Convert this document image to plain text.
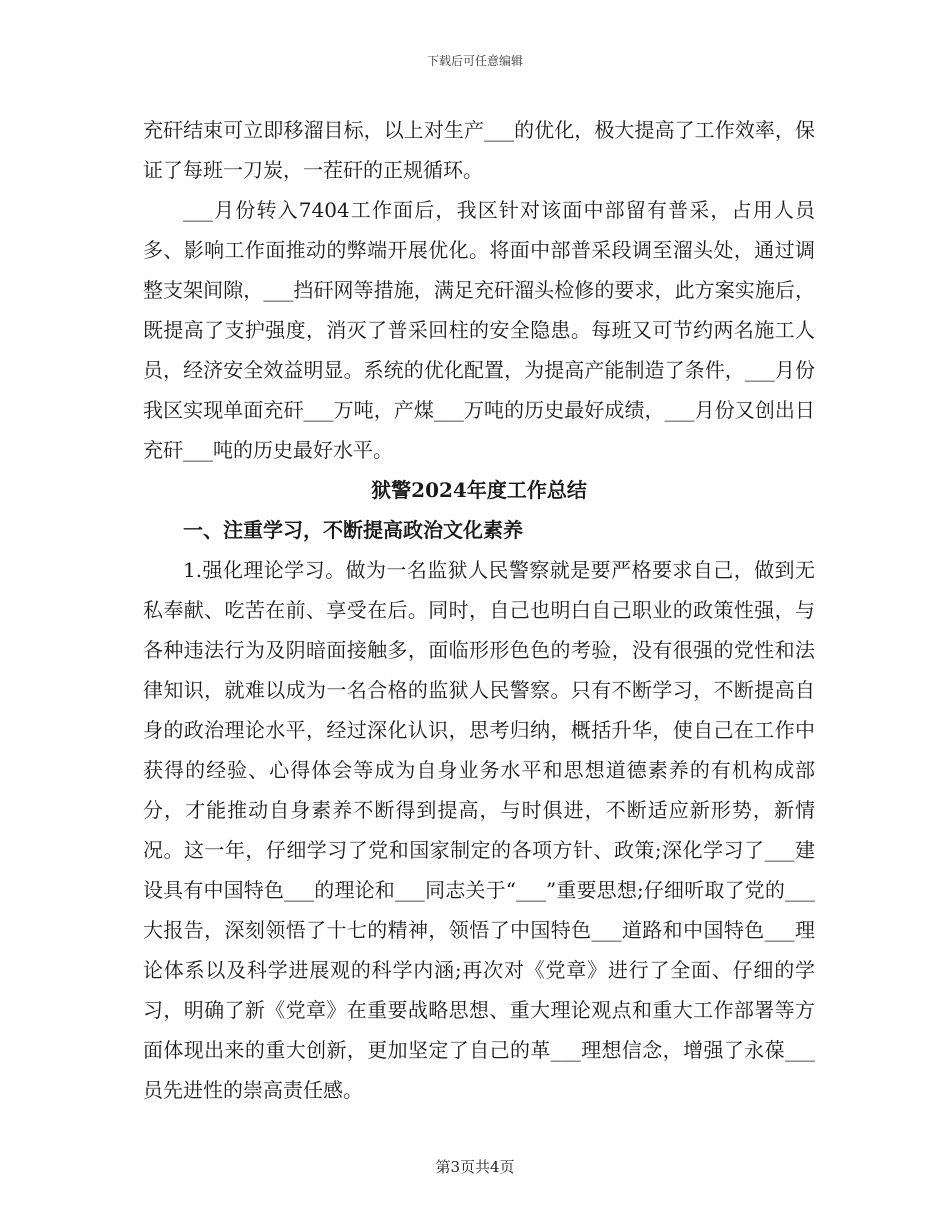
下载后可任意编辑

充矸结束可立即移溜目标，以上对生产___的优化，极大提高了工作效率，保证了每班一刀炭，一茬矸的正规循环。

___月份转入7404工作面后，我区针对该面中部留有普采，占用人员多、影响工作面推动的弊端开展优化。将面中部普采段调至溜头处，通过调整支架间隙，___挡矸网等措施，满足充矸溜头检修的要求，此方案实施后，既提高了支护强度，消灭了普采回柱的安全隐患。每班又可节约两名施工人员，经济安全效益明显。系统的优化配置，为提高产能制造了条件，___月份我区实现单面充矸___万吨，产煤___万吨的历史最好成绩，___月份又创出日充矸___吨的历史最好水平。

狱警2024年度工作总结
一、注重学习，不断提高政治文化素养

1.强化理论学习。做为一名监狱人民警察就是要严格要求自己，做到无私奉献、吃苦在前、享受在后。同时，自己也明白自己职业的政策性强，与各种违法行为及阴暗面接触多，面临形形色色的考验，没有很强的党性和法律知识，就难以成为一名合格的监狱人民警察。只有不断学习，不断提高自身的政治理论水平，经过深化认识，思考归纳，概括升华，使自己在工作中获得的经验、心得体会等成为自身业务水平和思想道德素养的有机构成部分，才能推动自身素养不断得到提高，与时俱进，不断适应新形势，新情况。这一年，仔细学习了党和国家制定的各项方针、政策;深化学习了___建设具有中国特色___的理论和___同志关于“___”重要思想;仔细听取了党的___大报告，深刻领悟了十七的精神，领悟了中国特色___道路和中国特色___理论体系以及科学进展观的科学内涵;再次对《党章》进行了全面、仔细的学习，明确了新《党章》在重要战略思想、重大理论观点和重大工作部署等方面体现出来的重大创新，更加坚定了自己的革___理想信念，增强了永葆___员先进性的崇高责任感。

第3页共4页
